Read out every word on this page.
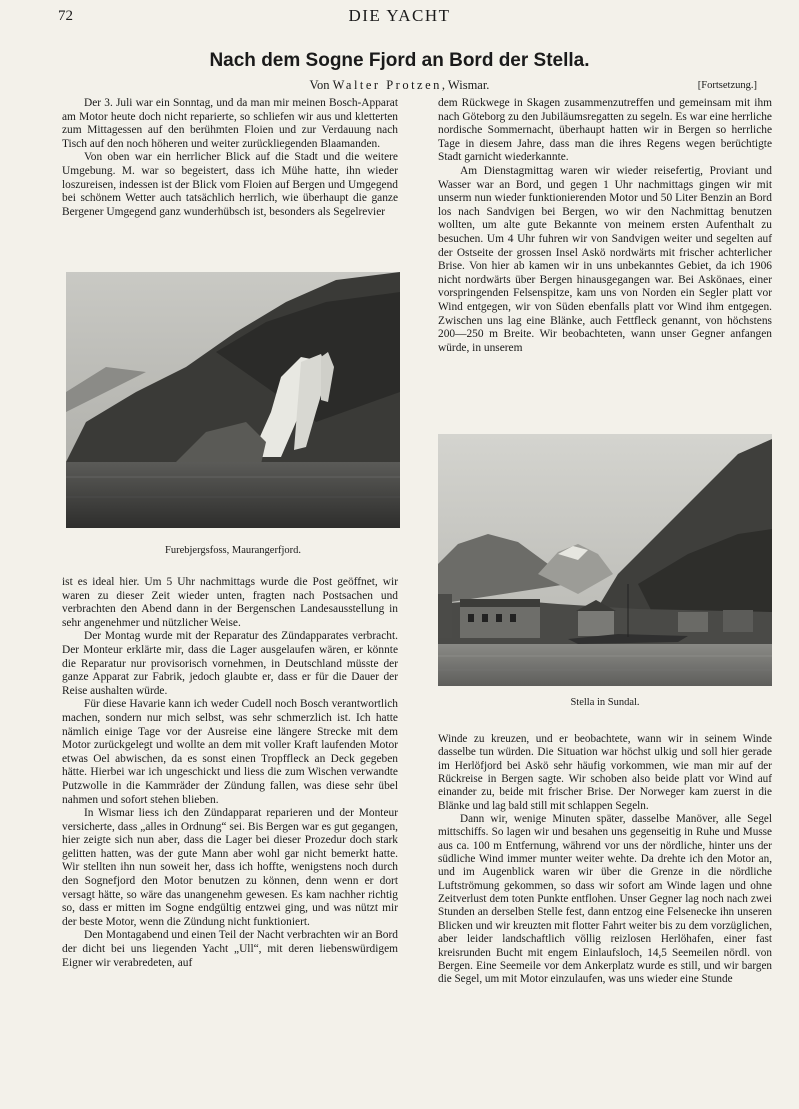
72	DIE YACHT
Nach dem Sogne Fjord an Bord der Stella.
Von Walter Protzen, Wismar.	[Fortsetzung.]

Der 3. Juli war ein Sonntag, und da man mir meinen Bosch-Apparat am Motor heute doch nicht reparierte, so schliefen wir aus und kletterten zum Mittagessen auf den berühmten Floien und zur Verdauung nach Tisch auf den noch höheren und weiter zurückliegenden Blaamanden.

Von oben war ein herrlicher Blick auf die Stadt und die weitere Umgebung. M. war so begeistert, dass ich Mühe hatte, ihn wieder loszureisen, indessen ist der Blick vom Floien auf Bergen und Umgegend bei schönem Wetter auch tatsächlich herrlich, wie überhaupt die ganze Bergener Umgegend ganz wunderhübsch ist, besonders als Segelrevier

dem Rückwege in Skagen zusammenzutreffen und gemeinsam mit ihm nach Göteborg zu den Jubiläumsregatten zu segeln. Es war eine herrliche nordische Sommernacht, überhaupt hatten wir in Bergen so herrliche Tage in diesem Jahre, dass man die ihres Regens wegen berüchtigte Stadt garnicht wiederkannte.

Am Dienstagmittag waren wir wieder reisefertig, Proviant und Wasser war an Bord, und gegen 1 Uhr nachmittags gingen wir mit unserm nun wieder funktionierenden Motor und 50 Liter Benzin an Bord los nach Sandvigen bei Bergen, wo wir den Nachmittag benutzen wollten, um alte gute Bekannte von meinem ersten Aufenthalt zu besuchen. Um 4 Uhr fuhren wir von Sandvigen weiter und segelten auf der Ostseite der grossen Insel Askö nordwärts mit frischer achterlicher Brise. Von hier ab kamen wir in uns unbekanntes Gebiet, da ich 1906 nicht nordwärts über Bergen hinausgegangen war. Bei Askönaes, einer vorspringenden Felsenspitze, kam uns von Norden ein Segler platt vor Wind entgegen, wir von Süden ebenfalls platt vor Wind ihm entgegen. Zwischen uns lag eine Blänke, auch Fettfleck genannt, von höchstens 200—250 m Breite. Wir beobachteten, wann unser Gegner anfangen würde, in unserem

Furebjergsfoss, Maurangerfjord.
Stella in Sundal.

ist es ideal hier. Um 5 Uhr nachmittags wurde die Post geöffnet, wir waren zu dieser Zeit wieder unten, fragten nach Postsachen und verbrachten den Abend dann in der Bergenschen Landesausstellung in sehr angenehmer und nützlicher Weise.

Der Montag wurde mit der Reparatur des Zündapparates verbracht. Der Monteur erklärte mir, dass die Lager ausgelaufen wären, er könnte die Reparatur nur provisorisch vornehmen, in Deutschland müsste der ganze Apparat zur Fabrik, jedoch glaubte er, dass er für die Dauer der Reise aushalten würde.

Für diese Havarie kann ich weder Cudell noch Bosch verantwortlich machen, sondern nur mich selbst, was sehr schmerzlich ist. Ich hatte nämlich einige Tage vor der Ausreise eine längere Strecke mit dem Motor zurückgelegt und wollte an dem mit voller Kraft laufenden Motor etwas Oel abwischen, da es sonst einen Tropffleck an Deck gegeben hätte. Hierbei war ich ungeschickt und liess die zum Wischen verwandte Putzwolle in die Kammräder der Zündung fallen, was diese sehr übel nahmen und sofort stehen blieben.

In Wismar liess ich den Zündapparat reparieren und der Monteur versicherte, dass „alles in Ordnung“ sei. Bis Bergen war es gut gegangen, hier zeigte sich nun aber, dass die Lager bei dieser Prozedur doch stark gelitten hatten, was der gute Mann aber wohl gar nicht bemerkt hatte. Wir stellten ihn nun soweit her, dass ich hoffte, wenigstens noch durch den Sognefjord den Motor benutzen zu können, denn wenn er dort versagt hätte, so wäre das unangenehm gewesen. Es kam nachher richtig so, dass er mitten im Sogne endgültig entzwei ging, und was nützt mir der beste Motor, wenn die Zündung nicht funktioniert.

Den Montagabend und einen Teil der Nacht verbrachten wir an Bord der dicht bei uns liegenden Yacht „Ull“, mit deren liebenswürdigem Eigner wir verabredeten, auf

Winde zu kreuzen, und er beobachtete, wann wir in seinem Winde dasselbe tun würden. Die Situation war höchst ulkig und soll hier gerade im Herlöfjord bei Askö sehr häufig vorkommen, wie man mir auf der Rückreise in Bergen sagte. Wir schoben also beide platt vor Wind auf einander zu, beide mit frischer Brise. Der Norweger kam zuerst in die Blänke und lag bald still mit schlappen Segeln.

Dann wir, wenige Minuten später, dasselbe Manöver, alle Segel mittschiffs. So lagen wir und besahen uns gegenseitig in Ruhe und Musse aus ca. 100 m Entfernung, während vor uns der nördliche, hinter uns der südliche Wind immer munter weiter wehte. Da drehte ich den Motor an, und im Augenblick waren wir über die Grenze in die nördliche Luftströmung gekommen, so dass wir sofort am Winde lagen und ohne Zeitverlust dem toten Punkte entflohen. Unser Gegner lag noch nach zwei Stunden an derselben Stelle fest, dann entzog eine Felsenecke ihn unseren Blicken und wir kreuzten mit flotter Fahrt weiter bis zu dem vorzüglichen, aber leider landschaftlich völlig reizlosen Herlöhafen, einer fast kreisrunden Bucht mit engem Einlaufsloch, 14,5 Seemeilen nördl. von Bergen. Eine Seemeile vor dem Ankerplatz wurde es still, und wir bargen die Segel, um mit Motor einzulaufen, was uns wieder eine Stunde
